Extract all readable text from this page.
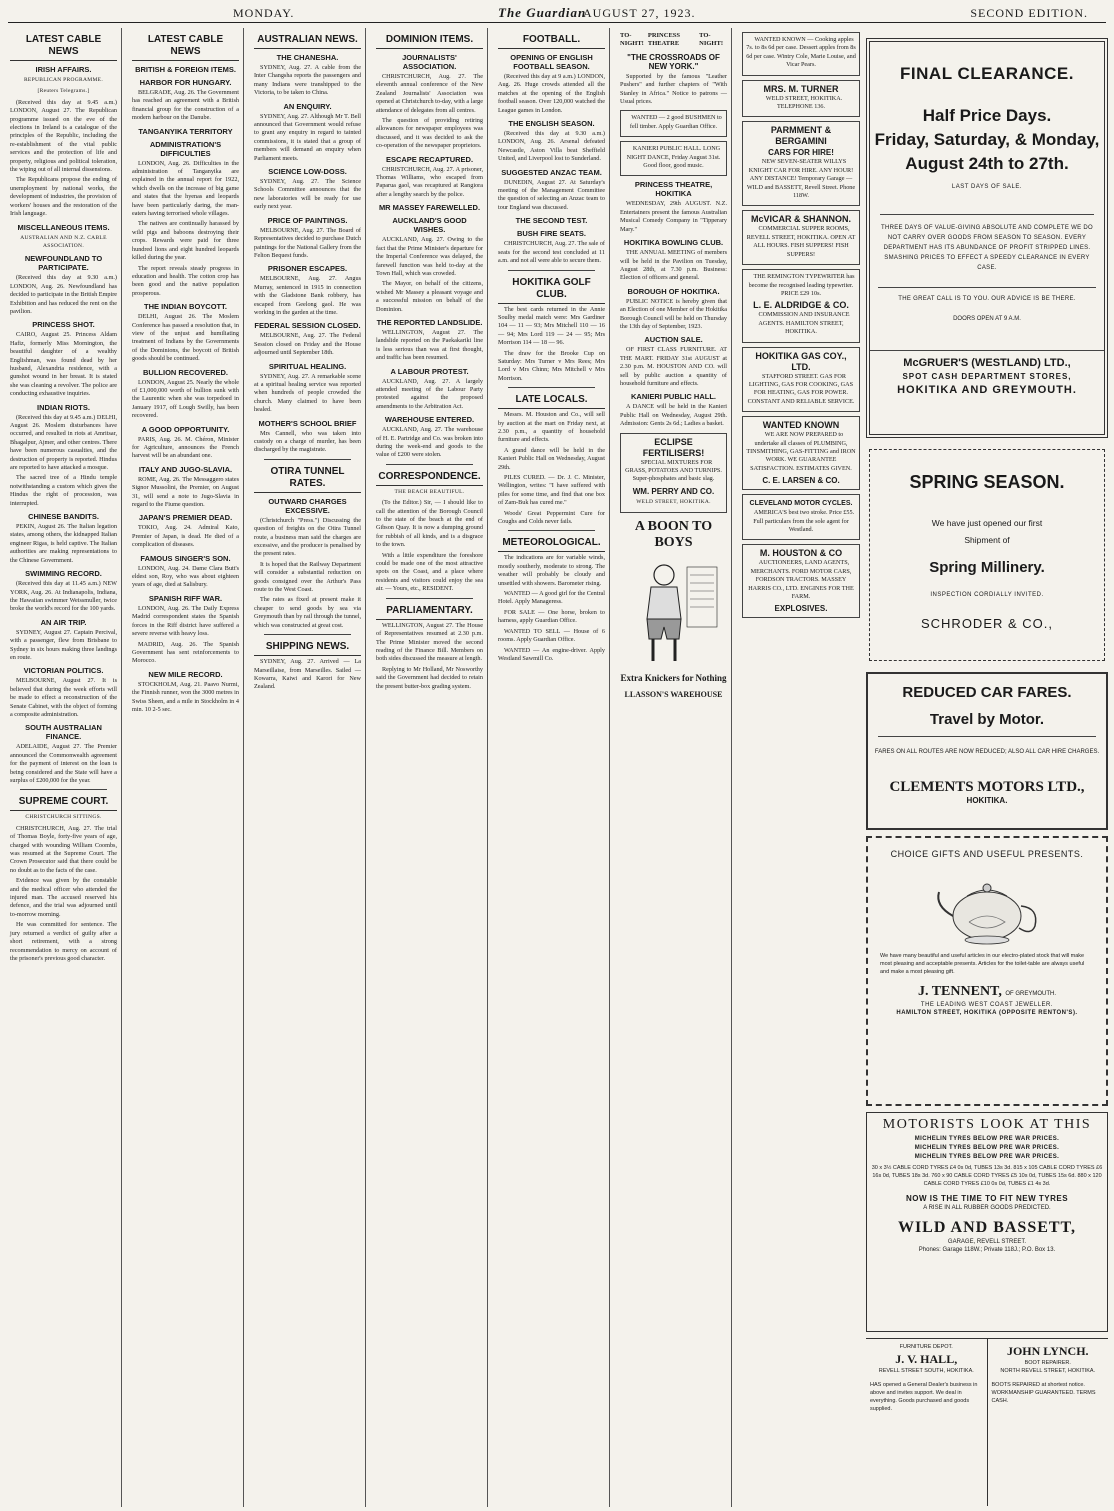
MONDAY.	The Guardian
AUGUST 27, 1923.	SECOND EDITION.
LATEST CABLE NEWS
IRISH AFFAIRS.
REPUBLICAN PROGRAMME.
[Reuters Telegrams.]

(Received this day at 9.45 a.m.) LONDON, August 27. The Republican programme issued on the eve of the elections in Ireland is a catalogue of the principles of the Republic, including the re-establishment of the vital public services and the protection of life and property, religious and political toleration, the wiping out of all internal dissensions.

The Republicans propose the ending of unemployment by national works, the development of industries, the provision of workers' houses and the restoration of the Irish language.

MISCELLANEOUS ITEMS.
AUSTRALIAN AND N.Z. CABLE ASSOCIATION.
NEWFOUNDLAND TO PARTICIPATE.

(Received this day at 9.30 a.m.) LONDON, Aug. 26. Newfoundland has decided to participate in the British Empire Exhibition and has reduced the rent on the pavilion.

PRINCESS SHOT.

CAIRO, August 25. Princess Aldam Hafiz, formerly Miss Mornington, the beautiful daughter of a wealthy Englishman, was found dead by her husband, Alexandria residence, with a gunshot wound in her breast. It is stated she was cleaning a revolver. The police are conducting exhaustive inquiries.

INDIAN RIOTS.

(Received this day at 9.45 a.m.) DELHI, August 26. Moslem disturbances have occurred, and resulted in riots at Amritsar, Bhagalpur, Ajmer, and other centres. There have been numerous casualties, and the destruction of property is reported. Hindus are reported to have attacked a mosque.

The sacred tree of a Hindu temple notwithstanding a custom which gives the Hindus the right of procession, was interrupted.

CHINESE BANDITS.

PEKIN, August 26. The Italian legation states, among others, the kidnapped Italian engineer Rigas, is held captive. The Italian authorities are making representations to the Chinese Government.

SWIMMING RECORD.

(Received this day at 11.45 a.m.) NEW YORK, Aug. 26. At Indianapolis, Indiana, the Hawaiian swimmer Weissmuller, twice broke the world's record for the 100 yards.

AN AIR TRIP.

SYDNEY, August 27. Captain Percival, with a passenger, flew from Brisbane to Sydney in six hours making three landings en route.

VICTORIAN POLITICS.

MELBOURNE, August 27. It is believed that during the week efforts will be made to effect a reconstruction of the Senate Cabinet, with the object of forming a composite administration.

SOUTH AUSTRALIAN FINANCE.

ADELAIDE, August 27. The Premier announced the Commonwealth agreement for the payment of interest on the loan is being considered and the State will have a surplus of £200,000 for the year.

SUPREME COURT.
CHRISTCHURCH SITTINGS.

CHRISTCHURCH, Aug. 27. The trial of Thomas Boyle, forty-five years of age, charged with wounding William Coombs, was resumed at the Supreme Court. The Crown Prosecutor said that there could be no doubt as to the facts of the case.

Evidence was given by the constable and the medical officer who attended the injured man. The accused reserved his defence, and the trial was adjourned until to-morrow morning.

He was committed for sentence. The jury returned a verdict of guilty after a short retirement, with a strong recommendation to mercy on account of the prisoner's previous good character.

LATEST CABLE NEWS
BRITISH & FOREIGN ITEMS.
HARBOR FOR HUNGARY.

BELGRADE, Aug. 26. The Government has reached an agreement with a British financial group for the construction of a modern harbour on the Danube.

TANGANYIKA TERRITORY
ADMINISTRATION'S DIFFICULTIES

LONDON, Aug. 26. Difficulties in the administration of Tanganyika are explained in the annual report for 1922, which dwells on the increase of big game and states that the hyenas and leopards have been particularly daring, the man-eaters having terrorised whole villages.

The natives are continually harassed by wild pigs and baboons destroying their crops. Rewards were paid for three hundred lions and eight hundred leopards killed during the year.

The report reveals steady progress in education and health. The cotton crop has been good and the native population prosperous.

THE INDIAN BOYCOTT.

DELHI, August 26. The Moslem Conference has passed a resolution that, in view of the unjust and humiliating treatment of Indians by the Governments of the Dominions, the boycott of British goods should be continued.

BULLION RECOVERED.

LONDON, August 25. Nearly the whole of £1,000,000 worth of bullion sunk with the Laurentic when she was torpedoed in January 1917, off Lough Swilly, has been recovered.

A GOOD OPPORTUNITY.

PARIS, Aug. 26. M. Chéron, Minister for Agriculture, announces the French harvest will be an abundant one.

ITALY AND JUGO-SLAVIA.

ROME, Aug. 26. The Messaggero states Signor Mussolini, the Premier, on August 31, will send a note to Jugo-Slavia in regard to the Fiume question.

JAPAN'S PREMIER DEAD.

TOKIO, Aug. 24. Admiral Kato, Premier of Japan, is dead. He died of a complication of diseases.

FAMOUS SINGER'S SON.

LONDON, Aug. 24. Dame Clara Butt's eldest son, Roy, who was about eighteen years of age, died at Salisbury.

SPANISH RIFF WAR.

LONDON, Aug. 26. The Daily Express Madrid correspondent states the Spanish forces in the Riff district have suffered a severe reverse with heavy loss.

MADRID, Aug. 26. The Spanish Government has sent reinforcements to Morocco.

NEW MILE RECORD.

STOCKHOLM, Aug. 21. Paavo Nurmi, the Finnish runner, won the 3000 metres in Swiss Sheen, and a mile in Stockholm in 4 min. 10 2-5 sec.

AUSTRALIAN NEWS.
THE CHANESHA.

SYDNEY, Aug. 27. A cable from the Inter Changsha reports the passengers and many Indians were transhipped to the Victoria, to be taken to China.

AN ENQUIRY.

SYDNEY, Aug. 27. Although Mr T. Bell announced that Government would refuse to grant any enquiry in regard to tainted commissions, it is stated that a group of members will demand an enquiry when Parliament meets.

SCIENCE LOW-DOSS.

SYDNEY, Aug. 27. The Science Schools Committee announces that the new laboratories will be ready for use early next year.

PRICE OF PAINTINGS.

MELBOURNE, Aug. 27. The Board of Representatives decided to purchase Dutch paintings for the National Gallery from the Felton Bequest funds.

PRISONER ESCAPES.

MELBOURNE, Aug. 27. Angus Murray, sentenced in 1915 in connection with the Gladstone Bank robbery, has escaped from Geelong gaol. He was working in the garden at the time.

FEDERAL SESSION CLOSED.

MELBOURNE, Aug. 27. The Federal Session closed on Friday and the House adjourned until September 18th.

SPIRITUAL HEALING.

SYDNEY, Aug. 27. A remarkable scene at a spiritual healing service was reported when hundreds of people crowded the church. Many claimed to have been healed.

MOTHER'S SCHOOL BRIEF

Mrs Cannell, who was taken into custody on a charge of murder, has been discharged by the magistrate.

OTIRA TUNNEL RATES.
OUTWARD CHARGES EXCESSIVE.

(Christchurch "Press.") Discussing the question of freights on the Otira Tunnel route, a business man said the charges are excessive, and the producer is penalised by the present rates.

It is hoped that the Railway Department will consider a substantial reduction on goods consigned over the Arthur's Pass route to the West Coast.

The rates as fixed at present make it cheaper to send goods by sea via Greymouth than by rail through the tunnel, which was constructed at great cost.

SHIPPING NEWS.

SYDNEY, Aug. 27. Arrived — La Marseillaise, from Marseilles. Sailed — Kowarra, Kaiwi and Karori for New Zealand.

DOMINION ITEMS.
JOURNALISTS' ASSOCIATION.

CHRISTCHURCH, Aug. 27. The eleventh annual conference of the New Zealand Journalists' Association was opened at Christchurch to-day, with a large attendance of delegates from all centres.

The question of providing retiring allowances for newspaper employees was discussed, and it was decided to ask the co-operation of the newspaper proprietors.

ESCAPE RECAPTURED.

CHRISTCHURCH, Aug. 27. A prisoner, Thomas Williams, who escaped from Paparua gaol, was recaptured at Rangiora after a lengthy search by the police.

MR MASSEY FAREWELLED.
AUCKLAND'S GOOD WISHES.

AUCKLAND, Aug. 27. Owing to the fact that the Prime Minister's departure for the Imperial Conference was delayed, the farewell function was held to-day at the Town Hall, which was crowded.

The Mayor, on behalf of the citizens, wished Mr Massey a pleasant voyage and a successful mission on behalf of the Dominion.

THE REPORTED LANDSLIDE.

WELLINGTON, August 27. The landslide reported on the Paekakariki line is less serious than was at first thought, and traffic has been resumed.

A LABOUR PROTEST.

AUCKLAND, Aug. 27. A largely attended meeting of the Labour Party protested against the proposed amendments to the Arbitration Act.

WAREHOUSE ENTERED.

AUCKLAND, Aug. 27. The warehouse of H. E. Partridge and Co. was broken into during the week-end and goods to the value of £200 were stolen.

CORRESPONDENCE.
THE BEACH BEAUTIFUL.

(To the Editor.) Sir, — I should like to call the attention of the Borough Council to the state of the beach at the end of Gibson Quay. It is now a dumping ground for rubbish of all kinds, and is a disgrace to the town.

With a little expenditure the foreshore could be made one of the most attractive spots on the Coast, and a place where residents and visitors could enjoy the sea air. — Yours, etc., RESIDENT.

PARLIAMENTARY.

WELLINGTON, August 27. The House of Representatives resumed at 2.30 p.m. The Prime Minister moved the second reading of the Finance Bill. Members on both sides discussed the measure at length.

Replying to Mr Holland, Mr Nosworthy said the Government had decided to retain the present butter-box grading system.

FOOTBALL.
OPENING OF ENGLISH FOOTBALL SEASON.

(Received this day at 9 a.m.) LONDON, Aug. 26. Huge crowds attended all the matches at the opening of the English football season. Over 120,000 watched the League games in London.

THE ENGLISH SEASON.

(Received this day at 9.30 a.m.) LONDON, Aug. 26. Arsenal defeated Newcastle, Aston Villa beat Sheffield United, and Liverpool lost to Sunderland.

SUGGESTED ANZAC TEAM.

DUNEDIN, August 27. At Saturday's meeting of the Management Committee the question of selecting an Anzac team to tour England was discussed.

THE SECOND TEST.
BUSH FIRE SEATS.

CHRISTCHURCH, Aug. 27. The sale of seats for the second test concluded at 11 a.m. and not all were able to secure them.

HOKITIKA GOLF CLUB.

The best cards returned in the Annie Soulby medal match were: Mrs Gardiner 104 — 11 — 93; Mrs Mitchell 110 — 16 — 94; Mrs Lord 119 — 24 — 95; Mrs Morrison 114 — 18 — 96.

The draw for the Brooke Cup on Saturday: Mrs Turner v Mrs Rees; Mrs Lord v Mrs Chinn; Mrs Mitchell v Mrs Morrison.

LATE LOCALS.

Messrs. M. Houston and Co., will sell by auction at the mart on Friday next, at 2.30 p.m., a quantity of household furniture and effects.

A grand dance will be held in the Kanieri Public Hall on Wednesday, August 29th.

PILES CURED. — Dr. J. C. Minister, Wellington, writes: "I have suffered with piles for some time, and find that one box of Zam-Buk has cured me."

Woods' Great Peppermint Cure for Coughs and Colds never fails.

METEOROLOGICAL.

The indications are for variable winds, mostly southerly, moderate to strong. The weather will probably be cloudy and unsettled with showers. Barometer rising.

WANTED — A good girl for the Central Hotel. Apply Manageress.

FOR SALE — One horse, broken to harness, apply Guardian Office.

WANTED TO SELL — House of 6 rooms. Apply Guardian Office.

WANTED — An engine-driver. Apply Westland Sawmill Co.

TO-NIGHT!
PRINCESS THEATRE
TO-NIGHT!
"THE CROSSROADS OF NEW YORK."

Supported by the famous "Leather Pushers" and further chapters of "With Stanley in Africa." Notice to patrons — Usual prices.

WANTED — 2 good BUSHMEN to fell timber. Apply Guardian Office.

KANIERI PUBLIC HALL. LONG NIGHT DANCE, Friday August 31st. Good floor, good music.

PRINCESS THEATRE, HOKITIKA

WEDNESDAY, 29th AUGUST. N.Z. Entertainers present the famous Australian Musical Comedy Company in "Tipperary Mary."

HOKITIKA BOWLING CLUB.

THE ANNUAL MEETING of members will be held in the Pavilion on Tuesday, August 28th, at 7.30 p.m. Business: Election of officers and general.

BOROUGH OF HOKITIKA.

PUBLIC NOTICE is hereby given that an Election of one Member of the Hokitika Borough Council will be held on Thursday the 13th day of September, 1923.

AUCTION SALE.

OF FIRST CLASS FURNITURE. AT THE MART. FRIDAY 31st AUGUST at 2.30 p.m. M. HOUSTON AND CO. will sell by public auction a quantity of household furniture and effects.

KANIERI PUBLIC HALL.

A DANCE will be held in the Kanieri Public Hall on Wednesday, August 29th. Admission: Gents 2s 6d.; Ladies a basket.

ECLIPSE FERTILISERS!

SPECIAL MIXTURES FOR GRASS, POTATOES AND TURNIPS. Super-phosphates and basic slag.

WM. PERRY AND CO.
WELD STREET, HOKITIKA.
A BOON TO BOYS
Extra Knickers for Nothing
LLASSON'S WAREHOUSE

WANTED KNOWN — Cooking apples 7s. to 8s 6d per case. Dessert apples from 8s 6d per case. Wintry Cole, Marie Louise, and Vicar Pears.

MRS. M. TURNER

WELD STREET, HOKITIKA. TELEPHONE 136.

PARMMENT & BERGAMINI
CARS FOR HIRE!

NEW SEVEN-SEATER WILLYS KNIGHT CAR FOR HIRE. ANY HOUR! ANY DISTANCE! Temporary Garage — WILD and BASSETT, Revell Street. Phone 118W.

McVICAR & SHANNON.

COMMERCIAL SUPPER ROOMS, REVELL STREET, HOKITIKA. OPEN AT ALL HOURS. FISH SUPPERS! FISH SUPPERS!

THE REMINGTON TYPEWRITER has become the recognised leading typewriter. PRICE £29 10s.

L. E. ALDRIDGE & CO.

COMMISSION AND INSURANCE AGENTS. HAMILTON STREET, HOKITIKA.

HOKITIKA GAS COY., LTD.

STAFFORD STREET. GAS FOR LIGHTING, GAS FOR COOKING, GAS FOR HEATING, GAS FOR POWER. CONSTANT AND RELIABLE SERVICE.

WANTED KNOWN

WE ARE NOW PREPARED to undertake all classes of PLUMBING, TINSMITHING, GAS-FITTING and IRON WORK. WE GUARANTEE SATISFACTION. ESTIMATES GIVEN.

C. E. LARSEN & CO.
CLEVELAND MOTOR CYCLES.

AMERICA'S best two stroke. Price £55. Full particulars from the sole agent for Westland.

M. HOUSTON & CO

AUCTIONEERS, LAND AGENTS, MERCHANTS. FORD MOTOR CARS, FORDSON TRACTORS. MASSEY HARRIS CO., LTD. ENGINES FOR THE FARM.

EXPLOSIVES.
FINAL CLEARANCE.
Half Price Days.
Friday, Saturday, & Monday,
August 24th to 27th.
LAST DAYS OF SALE.
THREE DAYS OF VALUE-GIVING ABSOLUTE AND COMPLETE WE DO NOT CARRY OVER GOODS FROM SEASON TO SEASON. EVERY DEPARTMENT HAS ITS ABUNDANCE OF PROFIT STRIPPED LINES. SMASHING PRICES TO EFFECT A SPEEDY CLEARANCE IN EVERY CASE.
THE GREAT CALL IS TO YOU. OUR ADVICE IS BE THERE.
DOORS OPEN AT 9 A.M.
McGRUER'S (WESTLAND) LTD.,
SPOT CASH DEPARTMENT STORES,
HOKITIKA AND GREYMOUTH.
SPRING SEASON.
We have just opened our first
Shipment of
Spring Millinery.
INSPECTION CORDIALLY INVITED.
SCHRODER & CO.,
REDUCED CAR FARES.
Travel by Motor.
FARES ON ALL ROUTES ARE NOW REDUCED; ALSO ALL CAR HIRE CHARGES.
CLEMENTS MOTORS LTD.,
HOKITIKA.
CHOICE GIFTS AND USEFUL PRESENTS.
We have many beautiful and useful articles in our electro-plated stock that will make most pleasing and acceptable presents. Articles for the toilet-table are always useful and make a most pleasing gift.
J. TENNENT, OF GREYMOUTH.
THE LEADING WEST COAST JEWELLER.
HAMILTON STREET, HOKITIKA (OPPOSITE RENTON'S).
MOTORISTS LOOK AT THIS
MICHELIN TYRES BELOW PRE WAR PRICES.
MICHELIN TYRES BELOW PRE WAR PRICES.
MICHELIN TYRES BELOW PRE WAR PRICES.
30 x 3½ CABLE CORD TYRES £4 0s 0d, TUBES 13s 3d. 815 x 105 CABLE CORD TYRES £6 16s 0d, TUBES 18s 3d. 760 x 90 CABLE CORD TYRES £5 10s 0d, TUBES 15s 6d. 880 x 120 CABLE CORD TYRES £10 0s 0d, TUBES £1 4s 3d.
NOW IS THE TIME TO FIT NEW TYRES
A RISE IN ALL RUBBER GOODS PREDICTED.
WILD AND BASSETT,
GARAGE, REVELL STREET.
Phones: Garage 118W.; Private 118J.; P.O. Box 13.
FURNITURE DEPOT.
J. V. HALL,
REVELL STREET SOUTH, HOKITIKA.

HAS opened a General Dealer's business in above and invites support. We deal in everything. Goods purchased and goods supplied.

JOHN LYNCH.
BOOT REPAIRER.
NORTH REVELL STREET, HOKITIKA.

BOOTS REPAIRED at shortest notice. WORKMANSHIP GUARANTEED. TERMS CASH.
